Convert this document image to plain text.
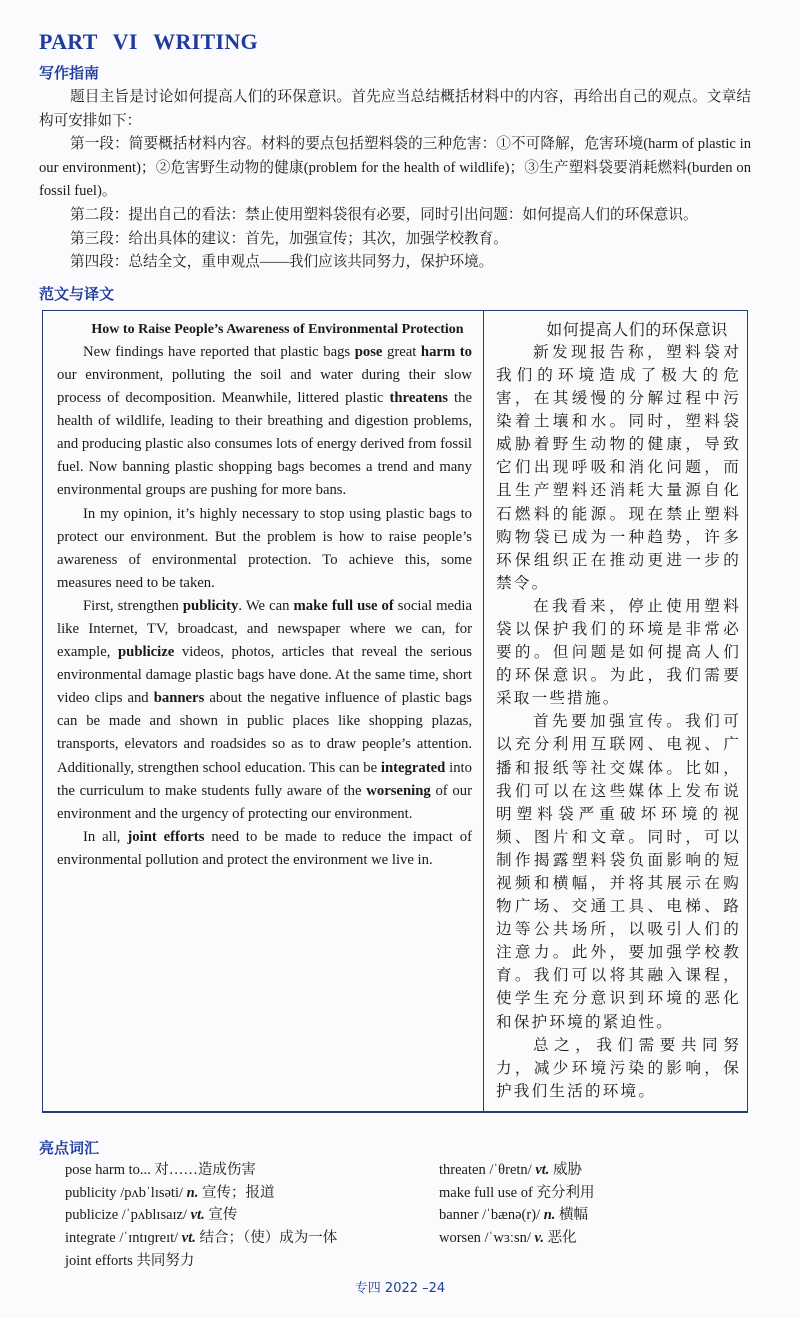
PART VI WRITING
写作指南

题目主旨是讨论如何提高人们的环保意识。首先应当总结概括材料中的内容，再给出自己的观点。文章结构可安排如下：

第一段：简要概括材料内容。材料的要点包括塑料袋的三种危害：①不可降解，危害环境(harm of plastic in our environment)；②危害野生动物的健康(problem for the health of wildlife)；③生产塑料袋要消耗燃料(burden on fossil fuel)。

第二段：提出自己的看法：禁止使用塑料袋很有必要，同时引出问题：如何提高人们的环保意识。

第三段：给出具体的建议：首先，加强宣传；其次，加强学校教育。

第四段：总结全文，重申观点——我们应该共同努力，保护环境。

范文与译文

How to Raise People’s Awareness of Environmental Protection

New findings have reported that plastic bags pose great harm to our environment, polluting the soil and water during their slow process of decomposition. Meanwhile, littered plastic threatens the health of wildlife, leading to their breathing and digestion problems, and producing plastic also consumes lots of energy derived from fossil fuel. Now banning plastic shopping bags becomes a trend and many environmental groups are pushing for more bans.

In my opinion, it’s highly necessary to stop using plastic bags to protect our environment. But the problem is how to raise people’s awareness of environmental protection. To achieve this, some measures need to be taken.

First, strengthen publicity. We can make full use of social media like Internet, TV, broadcast, and newspaper where we can, for example, publicize videos, photos, articles that reveal the serious environmental damage plastic bags have done. At the same time, short video clips and banners about the negative influence of plastic bags can be made and shown in public places like shopping plazas, transports, elevators and roadsides so as to draw people’s attention. Additionally, strengthen school education. This can be integrated into the curriculum to make students fully aware of the worsening of our environment and the urgency of protecting our environment.

In all, joint efforts need to be made to reduce the impact of environmental pollution and protect the environment we live in.

如何提高人们的环保意识

新发现报告称，塑料袋对我们的环境造成了极大的危害，在其缓慢的分解过程中污染着土壤和水。同时，塑料袋威胁着野生动物的健康，导致它们出现呼吸和消化问题，而且生产塑料还消耗大量源自化石燃料的能源。现在禁止塑料购物袋已成为一种趋势，许多环保组织正在推动更进一步的禁令。

在我看来，停止使用塑料袋以保护我们的环境是非常必要的。但问题是如何提高人们的环保意识。为此，我们需要采取一些措施。

首先要加强宣传。我们可以充分利用互联网、电视、广播和报纸等社交媒体。比如，我们可以在这些媒体上发布说明塑料袋严重破坏环境的视频、图片和文章。同时，可以制作揭露塑料袋负面影响的短视频和横幅，并将其展示在购物广场、交通工具、电梯、路边等公共场所，以吸引人们的注意力。此外，要加强学校教育。我们可以将其融入课程，使学生充分意识到环境的恶化和保护环境的紧迫性。

总之，我们需要共同努力，减少环境污染的影响，保护我们生活的环境。

亮点词汇
pose harm to... 对……造成伤害
publicity /pʌbˈlɪsəti/ n. 宣传；报道
publicize /ˈpʌblɪsaɪz/ vt. 宣传
integrate /ˈɪntɪɡreɪt/ vt. 结合；（使）成为一体
joint efforts 共同努力
threaten /ˈθretn/ vt. 威胁
make full use of 充分利用
banner /ˈbænə(r)/ n. 横幅
worsen /ˈwɜːsn/ v. 恶化
专四 2022 –24
